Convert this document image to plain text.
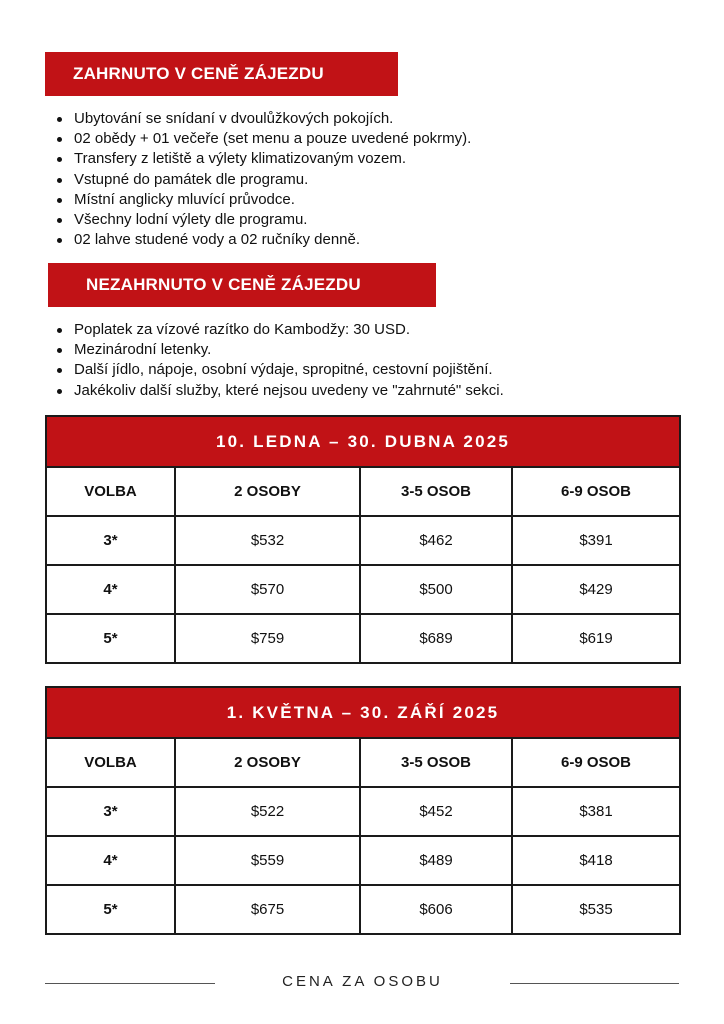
ZAHRNUTO V CENĚ ZÁJEZDU
Ubytování se snídaní v dvoulůžkových pokojích.
02 obědy + 01 večeře (set menu a pouze uvedené pokrmy).
Transfery z letiště a výlety klimatizovaným vozem.
Vstupné do památek dle programu.
Místní anglicky mluvící průvodce.
Všechny lodní výlety dle programu.
02 lahve studené vody a 02 ručníky denně.
NEZAHRNUTO V CENĚ ZÁJEZDU
Poplatek za vízové razítko do Kambodžy: 30 USD.
Mezinárodní letenky.
Další jídlo, nápoje, osobní výdaje, spropitné, cestovní pojištění.
Jakékoliv další služby, které nejsou uvedeny ve "zahrnuté" sekci.
10. LEDNA – 30. DUBNA 2025			
VOLBA	2 OSOBY	3-5 OSOB	6-9 OSOB
3*	$532	$462	$391
4*	$570	$500	$429
5*	$759	$689	$619
1. KVĚTNA – 30. ZÁŘÍ 2025			
VOLBA	2 OSOBY	3-5 OSOB	6-9 OSOB
3*	$522	$452	$381
4*	$559	$489	$418
5*	$675	$606	$535
CENA ZA OSOBU
